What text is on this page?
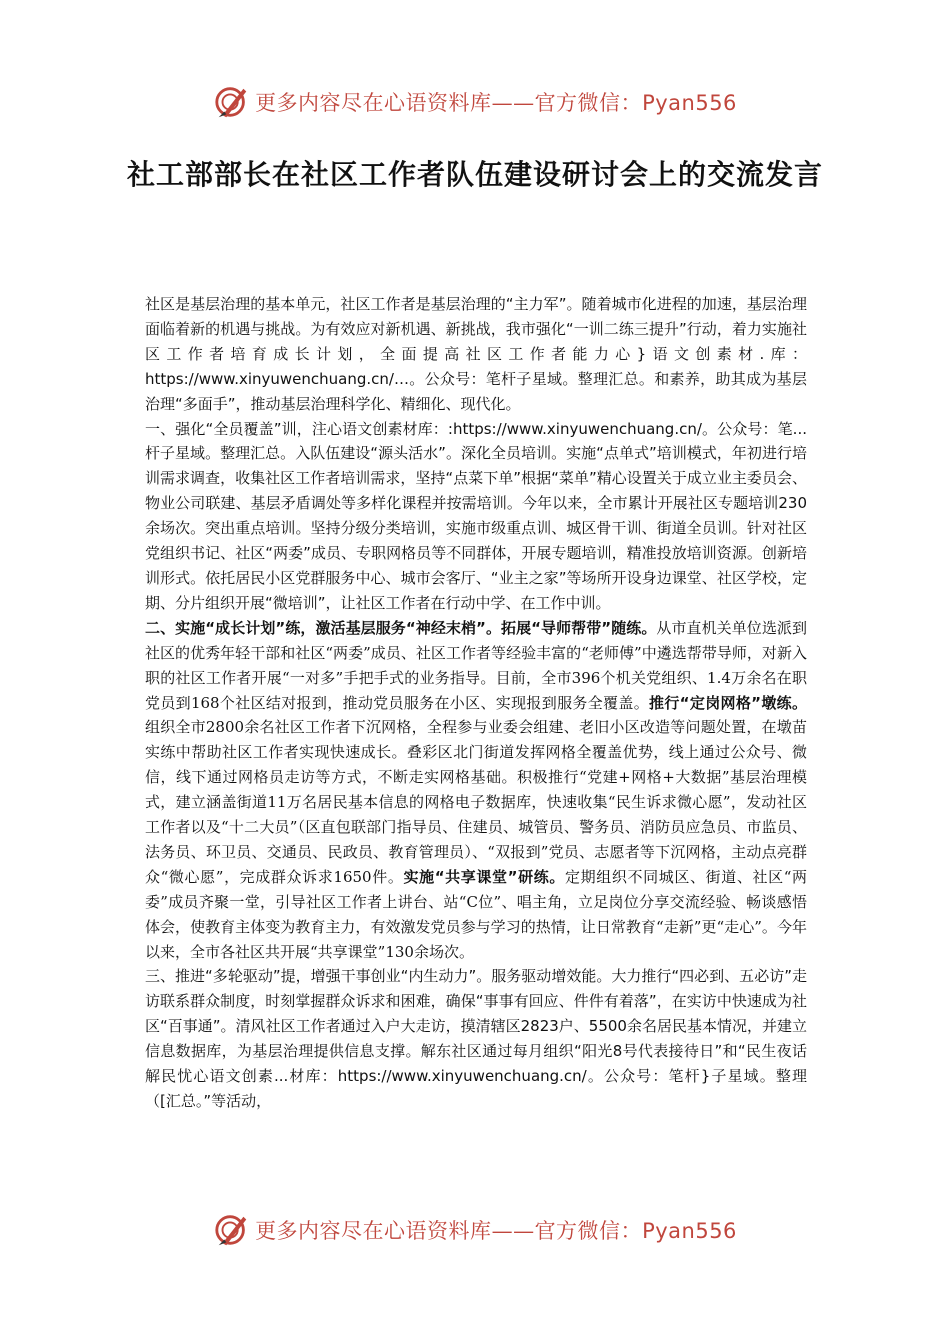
更多内容尽在心语资料库——官方微信：Pyan556
社工部部长在社区工作者队伍建设研讨会上的交流发言

社区是基层治理的基本单元，社区工作者是基层治理的“主力军”。随着城市化进程的加速，基层治理面临着新的机遇与挑战。为有效应对新机遇、新挑战，我市强化“一训二练三提升”行动，着力实施社区工作者培育成长计划，全面提高社区工作者能力心}语文创素材.库：https://www.xinyuwenchuang.cn/…。公众号：笔杆子星域。整理汇总。和素养，助其成为基层治理“多面手”，推动基层治理科学化、精细化、现代化。

一、强化“全员覆盖”训，注心语文创素材库：:https://www.xinyuwenchuang.cn/。公众号：笔...杆子星域。整理汇总。入队伍建设“源头活水”。深化全员培训。实施“点单式”培训模式，年初进行培训需求调查，收集社区工作者培训需求，坚持“点菜下单”根据“菜单”精心设置关于成立业主委员会、物业公司联建、基层矛盾调处等多样化课程并按需培训。今年以来，全市累计开展社区专题培训230余场次。突出重点培训。坚持分级分类培训，实施市级重点训、城区骨干训、街道全员训。针对社区党组织书记、社区“两委”成员、专职网格员等不同群体，开展专题培训，精准投放培训资源。创新培训形式。依托居民小区党群服务中心、城市会客厅、“业主之家”等场所开设身边课堂、社区学校，定期、分片组织开展“微培训”，让社区工作者在行动中学、在工作中训。

二、实施“成长计划”练，激活基层服务“神经末梢”。拓展“导师帮带”随练。从市直机关单位选派到社区的优秀年轻干部和社区“两委”成员、社区工作者等经验丰富的“老师傅”中遴选帮带导师，对新入职的社区工作者开展“一对多”手把手式的业务指导。目前，全市396个机关党组织、1.4万余名在职党员到168个社区结对报到，推动党员服务在小区、实现报到服务全覆盖。推行“定岗网格”墩练。组织全市2800余名社区工作者下沉网格，全程参与业委会组建、老旧小区改造等问题处置，在墩苗实练中帮助社区工作者实现快速成长。叠彩区北门街道发挥网格全覆盖优势，线上通过公众号、微信，线下通过网格员走访等方式，不断走实网格基础。积极推行“党建+网格+大数据”基层治理模式，建立涵盖街道11万名居民基本信息的网格电子数据库，快速收集“民生诉求微心愿”，发动社区工作者以及“十二大员”（区直包联部门指导员、住建员、城管员、警务员、消防员应急员、市监员、法务员、环卫员、交通员、民政员、教育管理员）、“双报到”党员、志愿者等下沉网格，主动点亮群众“微心愿”，完成群众诉求1650件。实施“共享课堂”研练。定期组织不同城区、街道、社区“两委”成员齐聚一堂，引导社区工作者上讲台、站“C位”、唱主角，立足岗位分享交流经验、畅谈感悟体会，使教育主体变为教育主力，有效激发党员参与学习的热情，让日常教育“走新”更“走心”。今年以来，全市各社区共开展“共享课堂”130余场次。

三、推进“多轮驱动”提，增强干事创业“内生动力”。服务驱动增效能。大力推行“四必到、五必访”走访联系群众制度，时刻掌握群众诉求和困难，确保“事事有回应、件件有着落”，在实访中快速成为社区“百事通”。清风社区工作者通过入户大走访，摸清辖区2823户、5500余名居民基本情况，并建立信息数据库，为基层治理提供信息支撑。解东社区通过每月组织“阳光8号代表接待日”和“民生夜话解民忧心语文创素...材库：https://www.xinyuwenchuang.cn/。公众号：笔杆}子星域。整理（[汇总。”等活动，

更多内容尽在心语资料库——官方微信：Pyan556
